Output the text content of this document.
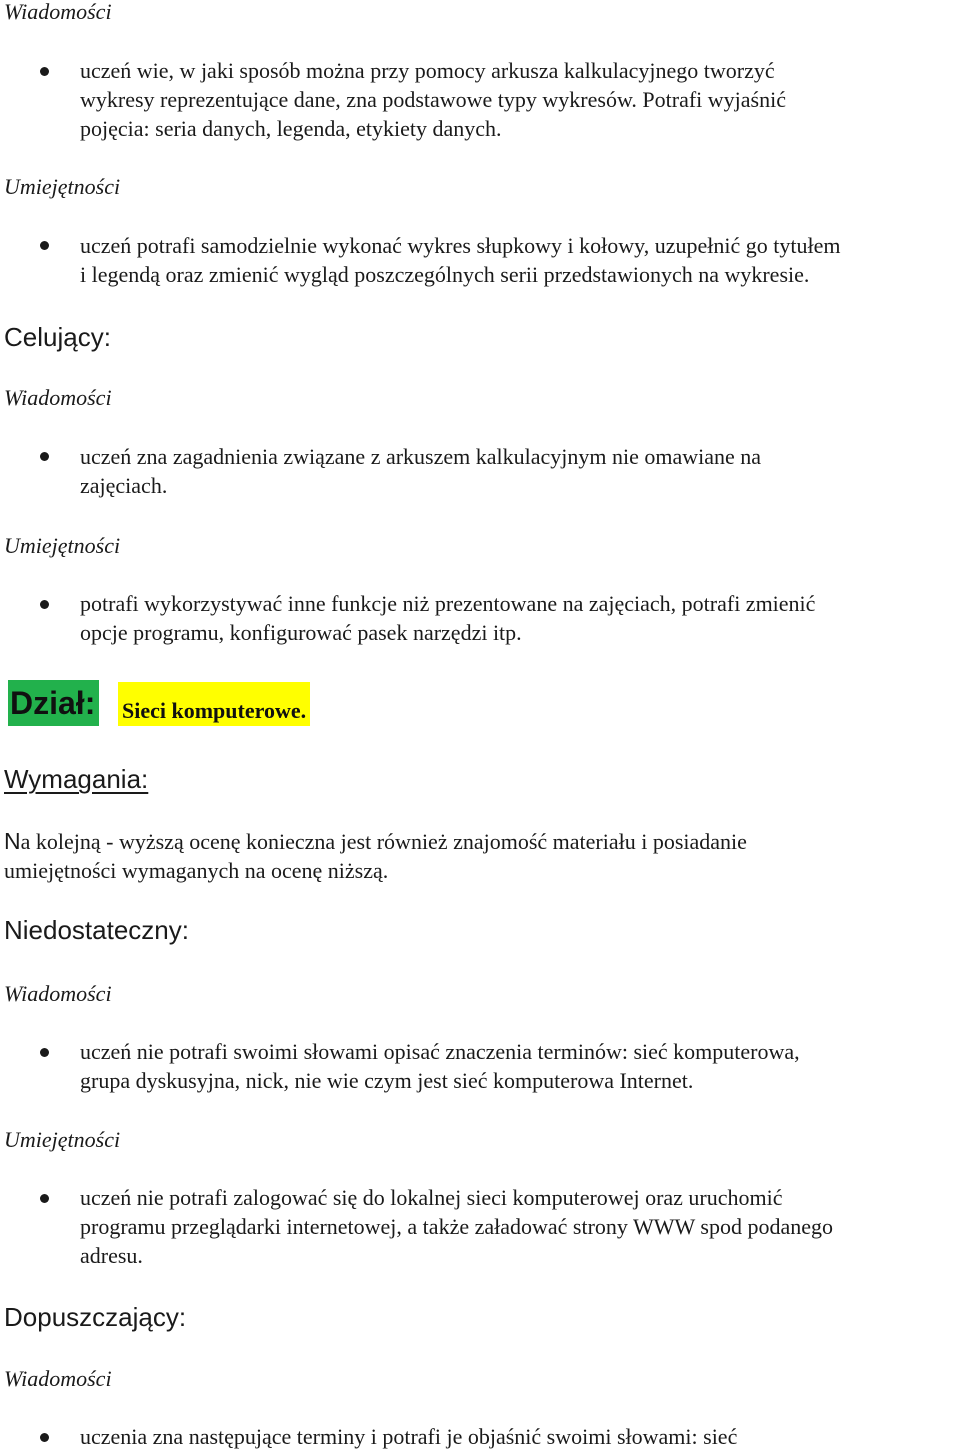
Wiadomości
uczeń wie, w jaki sposób można przy pomocy arkusza kalkulacyjnego tworzyć
wykresy reprezentujące dane, zna podstawowe typy wykresów. Potrafi wyjaśnić
pojęcia: seria danych, legenda, etykiety danych.
Umiejętności
uczeń potrafi samodzielnie wykonać wykres słupkowy i kołowy, uzupełnić go tytułem
i legendą oraz zmienić wygląd poszczególnych serii przedstawionych na wykresie.
Celujący:
Wiadomości
uczeń zna zagadnienia związane z arkuszem kalkulacyjnym nie omawiane na
zajęciach.
Umiejętności
potrafi wykorzystywać inne funkcje niż prezentowane na zajęciach, potrafi zmienić
opcje programu, konfigurować pasek narzędzi itp.
Dział: Sieci komputerowe.
Wymagania:
Na kolejną - wyższą ocenę konieczna jest również znajomość materiału i posiadanie
umiejętności wymaganych na ocenę niższą.
Niedostateczny:
Wiadomości
uczeń nie potrafi swoimi słowami opisać znaczenia terminów: sieć komputerowa,
grupa dyskusyjna, nick, nie wie czym jest sieć komputerowa Internet.
Umiejętności
uczeń nie potrafi zalogować się do lokalnej sieci komputerowej oraz uruchomić
programu przeglądarki internetowej, a także załadować strony WWW spod podanego
adresu.
Dopuszczający:
Wiadomości
uczenia zna następujące terminy i potrafi je objaśnić swoimi słowami: sieć
